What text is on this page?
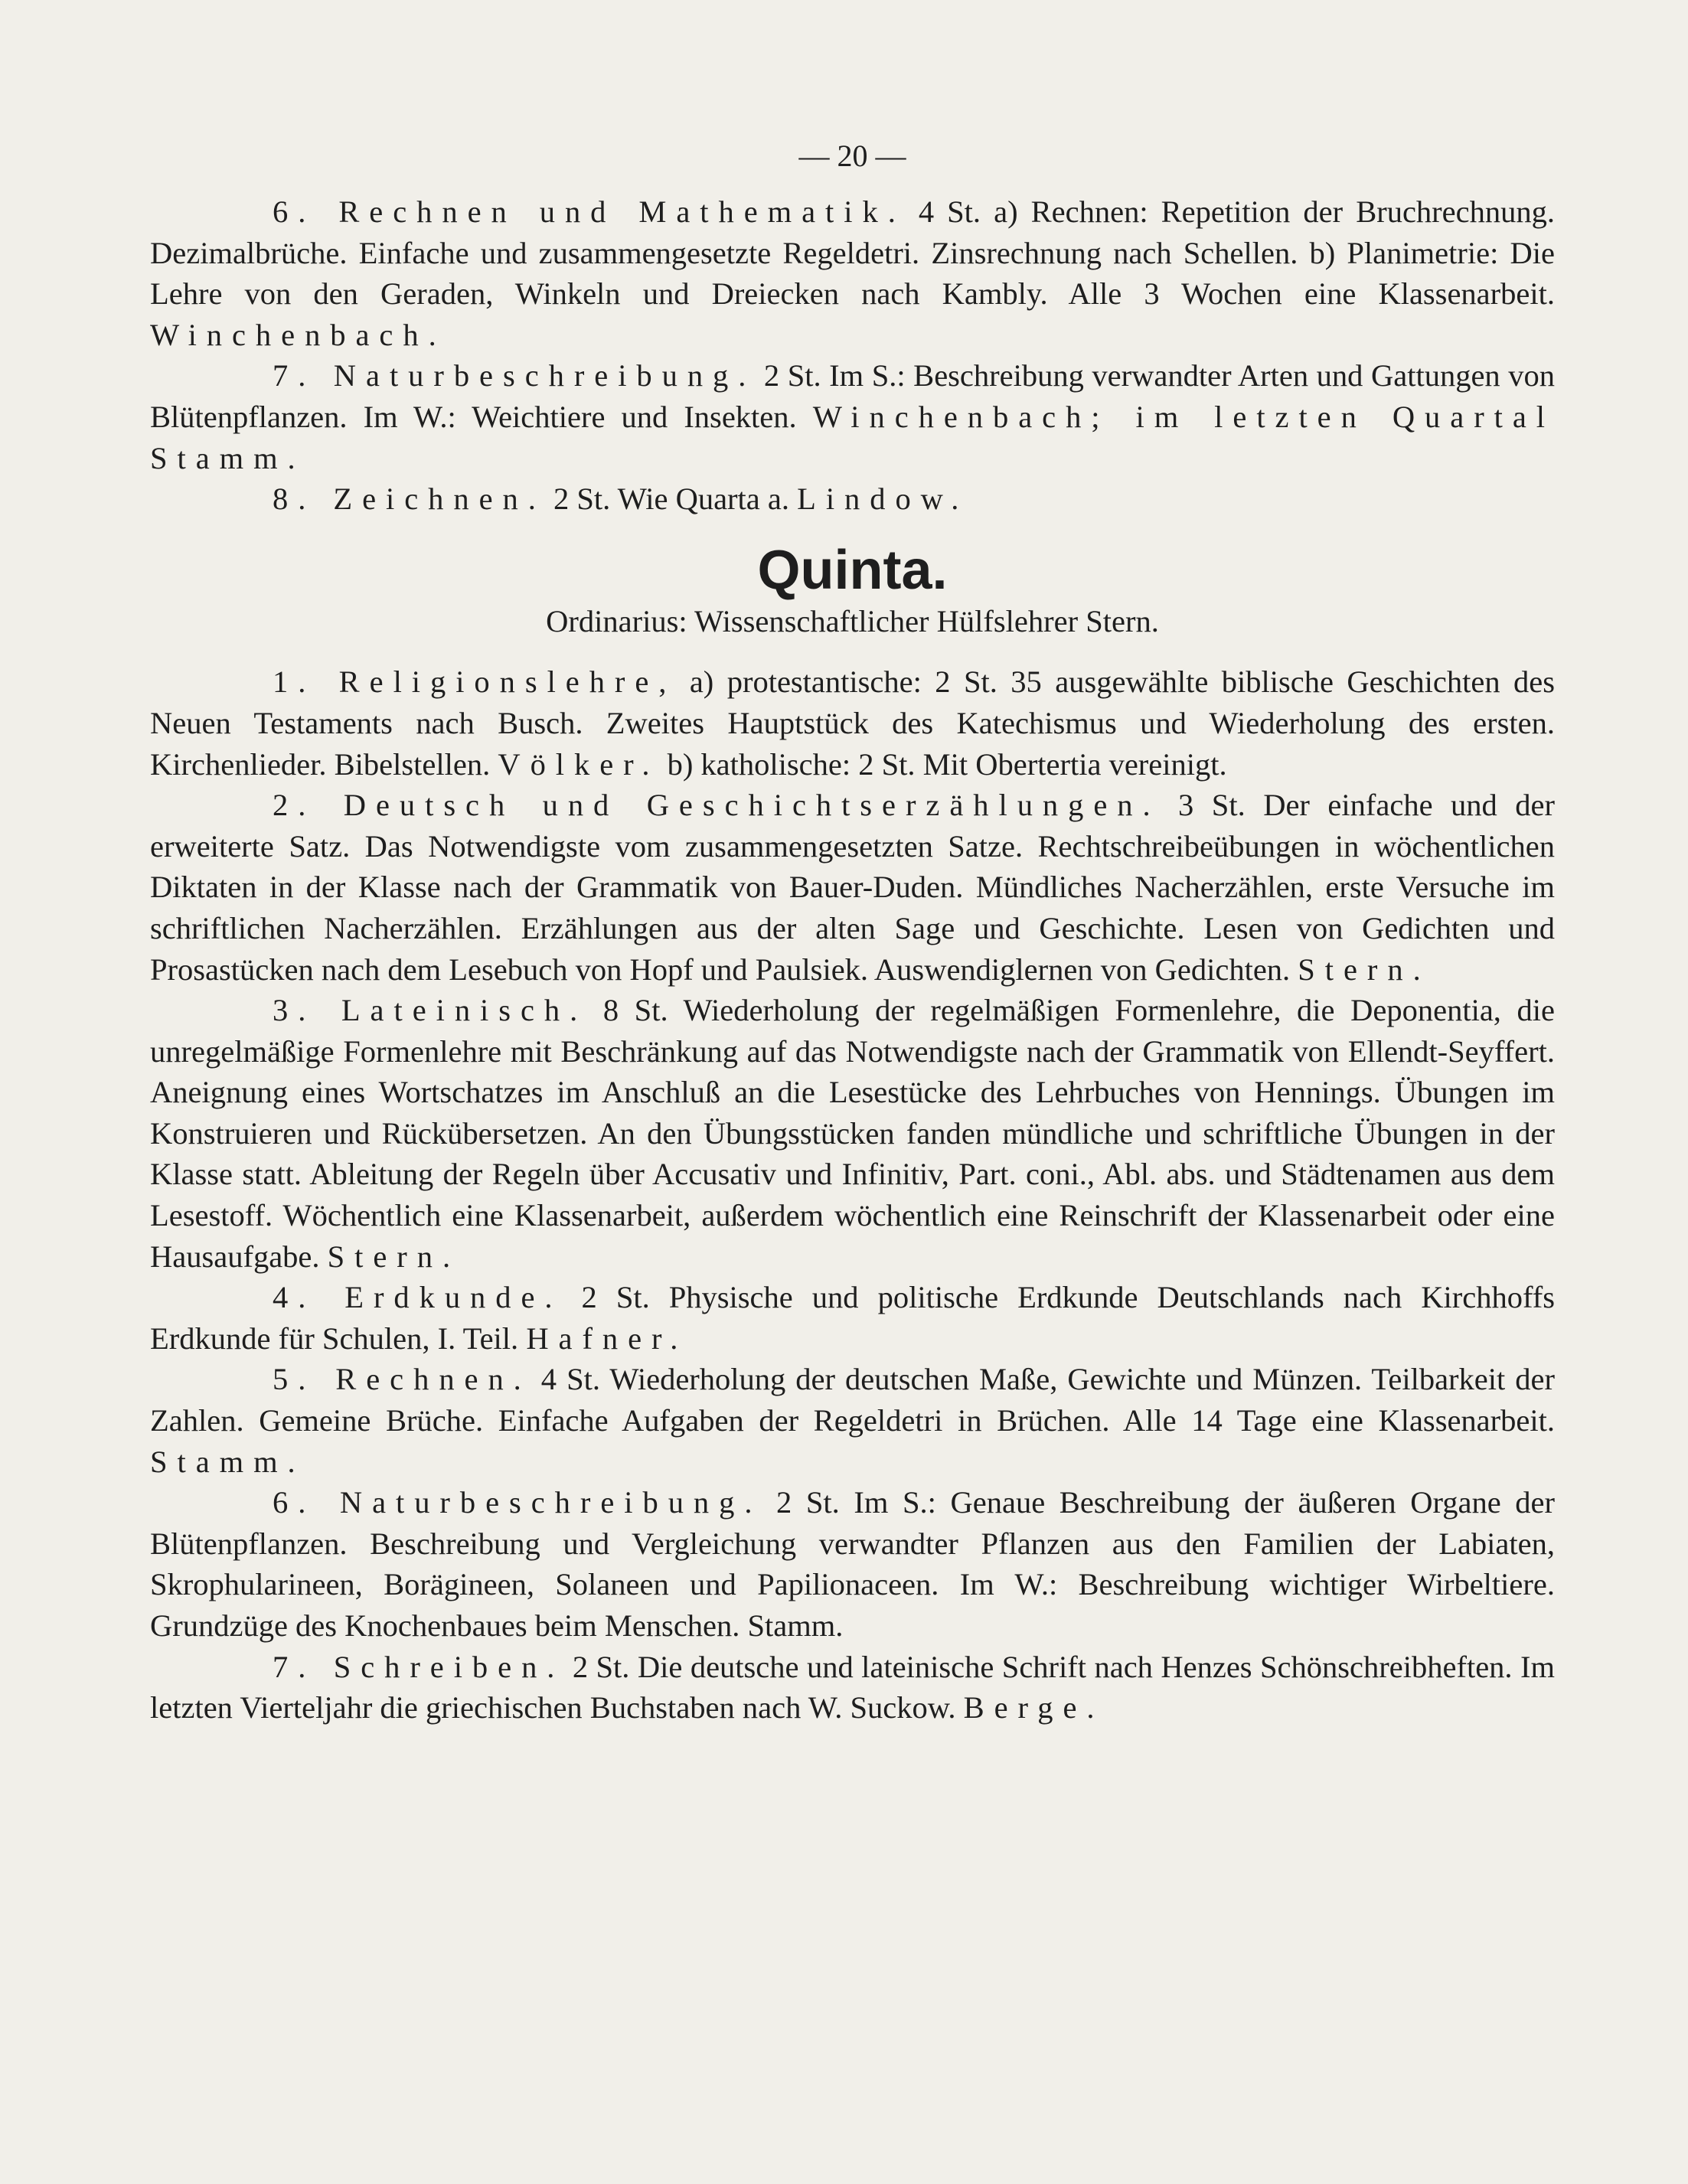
— 20 —

6. Rechnen und Mathematik. 4 St. a) Rechnen: Repetition der Bruchrechnung. Dezimalbrüche. Einfache und zusammengesetzte Regeldetri. Zinsrechnung nach Schellen. b) Planimetrie: Die Lehre von den Geraden, Winkeln und Dreiecken nach Kambly. Alle 3 Wochen eine Klassenarbeit. Winchenbach.

7. Naturbeschreibung. 2 St. Im S.: Beschreibung verwandter Arten und Gattungen von Blütenpflanzen. Im W.: Weichtiere und Insekten. Winchenbach; im letzten Quartal Stamm.

8. Zeichnen. 2 St. Wie Quarta a. Lindow.

Quinta.
Ordinarius: Wissenschaftlicher Hülfslehrer Stern.

1. Religionslehre, a) protestantische: 2 St. 35 ausgewählte biblische Geschichten des Neuen Testaments nach Busch. Zweites Hauptstück des Katechismus und Wiederholung des ersten. Kirchenlieder. Bibelstellen. Völker. b) katholische: 2 St. Mit Obertertia vereinigt.

2. Deutsch und Geschichtserzählungen. 3 St. Der einfache und der erweiterte Satz. Das Notwendigste vom zusammengesetzten Satze. Rechtschreibeübungen in wöchentlichen Diktaten in der Klasse nach der Grammatik von Bauer-Duden. Mündliches Nacherzählen, erste Versuche im schriftlichen Nacherzählen. Erzählungen aus der alten Sage und Geschichte. Lesen von Gedichten und Prosastücken nach dem Lesebuch von Hopf und Paulsiek. Auswendiglernen von Gedichten. Stern.

3. Lateinisch. 8 St. Wiederholung der regelmäßigen Formenlehre, die Deponentia, die unregelmäßige Formenlehre mit Beschränkung auf das Notwendigste nach der Grammatik von Ellendt-Seyffert. Aneignung eines Wortschatzes im Anschluß an die Lesestücke des Lehrbuches von Hennings. Übungen im Konstruieren und Rückübersetzen. An den Übungsstücken fanden mündliche und schriftliche Übungen in der Klasse statt. Ableitung der Regeln über Accusativ und Infinitiv, Part. coni., Abl. abs. und Städtenamen aus dem Lesestoff. Wöchentlich eine Klassenarbeit, außerdem wöchentlich eine Reinschrift der Klassenarbeit oder eine Hausaufgabe. Stern.

4. Erdkunde. 2 St. Physische und politische Erdkunde Deutschlands nach Kirchhoffs Erdkunde für Schulen, I. Teil. Hafner.

5. Rechnen. 4 St. Wiederholung der deutschen Maße, Gewichte und Münzen. Teilbarkeit der Zahlen. Gemeine Brüche. Einfache Aufgaben der Regeldetri in Brüchen. Alle 14 Tage eine Klassenarbeit. Stamm.

6. Naturbeschreibung. 2 St. Im S.: Genaue Beschreibung der äußeren Organe der Blütenpflanzen. Beschreibung und Vergleichung verwandter Pflanzen aus den Familien der Labiaten, Skrophularineen, Borägineen, Solaneen und Papilionaceen. Im W.: Beschreibung wichtiger Wirbeltiere. Grundzüge des Knochenbaues beim Menschen. Stamm.

7. Schreiben. 2 St. Die deutsche und lateinische Schrift nach Henzes Schönschreibheften. Im letzten Vierteljahr die griechischen Buchstaben nach W. Suckow. Berge.
